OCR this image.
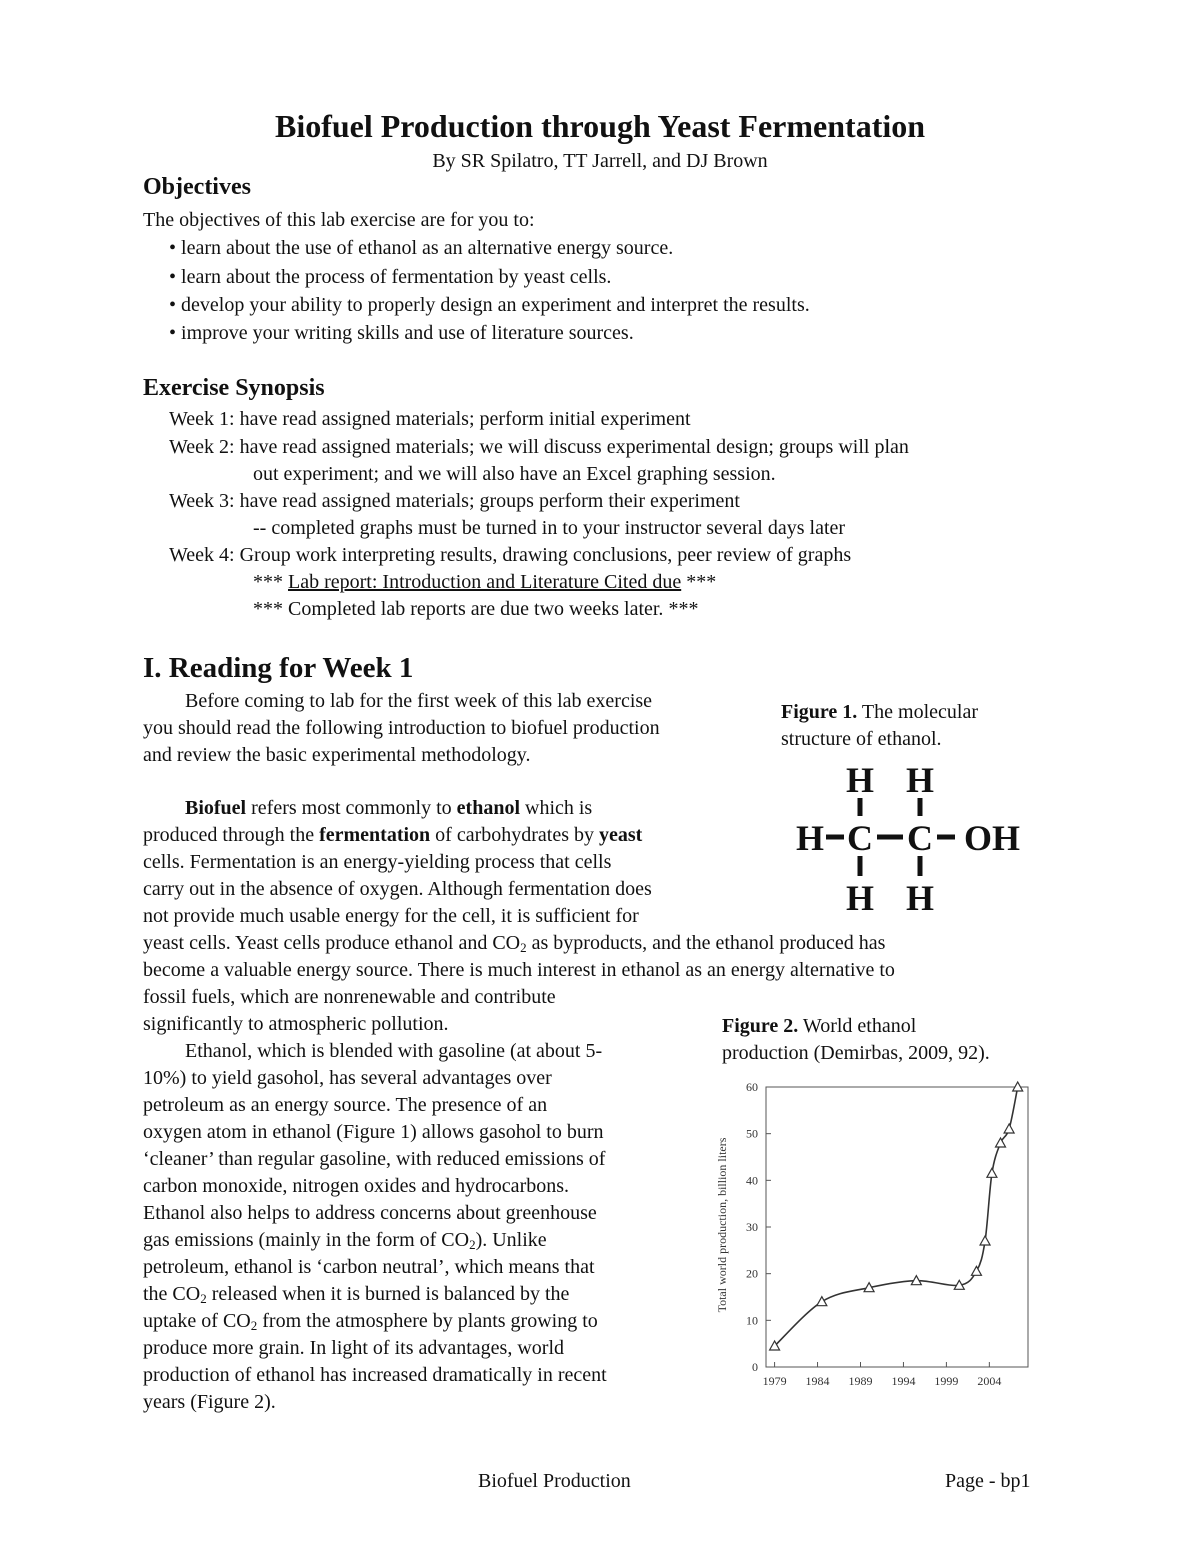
Biofuel Production through Yeast Fermentation
By SR Spilatro, TT Jarrell, and DJ Brown
Objectives
The objectives of this lab exercise are for you to:
• learn about the use of ethanol as an alternative energy source.
• learn about the process of fermentation by yeast cells.
• develop your ability to properly design an experiment and interpret the results.
• improve your writing skills and use of literature sources.
Exercise Synopsis
Week 1: have read assigned materials; perform initial experiment
Week 2: have read assigned materials; we will discuss experimental design; groups will plan
out experiment; and we will also have an Excel graphing session.
Week 3: have read assigned materials; groups perform their experiment
-- completed graphs must be turned in to your instructor several days later
Week 4: Group work interpreting results, drawing conclusions, peer review of graphs
*** Lab report: Introduction and Literature Cited due ***
*** Completed lab reports are due two weeks later. ***
I. Reading for Week 1
Before coming to lab for the first week of this lab exercise
you should read the following introduction to biofuel production
and review the basic experimental methodology.
Biofuel refers most commonly to ethanol which is
produced through the fermentation of carbohydrates by yeast
cells. Fermentation is an energy-yielding process that cells
carry out in the absence of oxygen. Although fermentation does
not provide much usable energy for the cell, it is sufficient for
yeast cells. Yeast cells produce ethanol and $CO_2$ as byproducts, and the ethanol produced has
become a valuable energy source. There is much interest in ethanol as an energy alternative to
fossil fuels, which are nonrenewable and contribute
significantly to atmospheric pollution.
Ethanol, which is blended with gasoline (at about 5-
10%) to yield gasohol, has several advantages over
petroleum as an energy source. The presence of an
oxygen atom in ethanol (Figure 1) allows gasohol to burn
‘cleaner’ than regular gasoline, with reduced emissions of
carbon monoxide, nitrogen oxides and hydrocarbons.
Ethanol also helps to address concerns about greenhouse
gas emissions (mainly in the form of $CO_2$). Unlike
petroleum, ethanol is ‘carbon neutral’, which means that
the $CO_2$ released when it is burned is balanced by the
uptake of $CO_2$ from the atmosphere by plants growing to
produce more grain. In light of its advantages, world
production of ethanol has increased dramatically in recent
years (Figure 2).
Figure 1. The molecular
structure of ethanol.
H H
H C C OH
H H
Figure 2. World ethanol
production (Demirbas, 2009, 92).
0
10
20
30
40
50
60
1979 1984 1989 1994 1999 2004
Total world production, billion liters
Biofuel Production	Page - bp1
